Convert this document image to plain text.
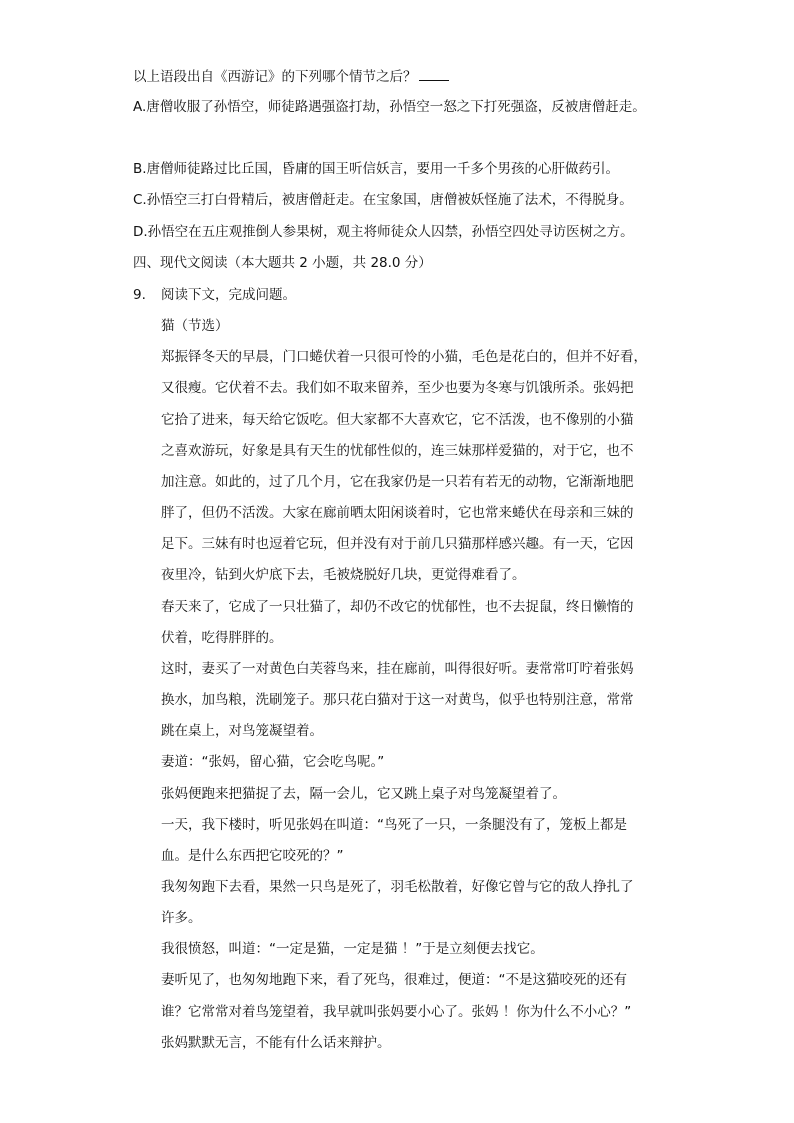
以上语段出自《西游记》的下列哪个情节之后？
A.唐僧收服了孙悟空，师徒路遇强盗打劫，孙悟空一怒之下打死强盗，反被唐僧赶走。
B.唐僧师徒路过比丘国，昏庸的国王听信妖言，要用一千多个男孩的心肝做药引。
C.孙悟空三打白骨精后，被唐僧赶走。在宝象国，唐僧被妖怪施了法术，不得脱身。
D.孙悟空在五庄观推倒人参果树，观主将师徒众人囚禁，孙悟空四处寻访医树之方。
四、现代文阅读（本大题共 2 小题，共 28.0 分）
9. 阅读下文，完成问题。
猫（节选）
郑振铎冬天的早晨，门口蜷伏着一只很可怜的小猫，毛色是花白的，但并不好看，
又很瘦。它伏着不去。我们如不取来留养，至少也要为冬寒与饥饿所杀。张妈把
它拾了进来，每天给它饭吃。但大家都不大喜欢它，它不活泼，也不像别的小猫
之喜欢游玩，好象是具有天生的忧郁性似的，连三妹那样爱猫的，对于它，也不
加注意。如此的，过了几个月，它在我家仍是一只若有若无的动物，它渐渐地肥
胖了，但仍不活泼。大家在廊前晒太阳闲谈着时，它也常来蜷伏在母亲和三妹的
足下。三妹有时也逗着它玩，但并没有对于前几只猫那样感兴趣。有一天，它因
夜里冷，钻到火炉底下去，毛被烧脱好几块，更觉得难看了。
春天来了，它成了一只壮猫了，却仍不改它的忧郁性，也不去捉鼠，终日懒惰的
伏着，吃得胖胖的。
这时，妻买了一对黄色白芙蓉鸟来，挂在廊前，叫得很好听。妻常常叮咛着张妈
换水，加鸟粮，洗刷笼子。那只花白猫对于这一对黄鸟，似乎也特别注意，常常
跳在桌上，对鸟笼凝望着。
妻道：“张妈，留心猫，它会吃鸟呢。”
张妈便跑来把猫捉了去，隔一会儿，它又跳上桌子对鸟笼凝望着了。
一天，我下楼时，听见张妈在叫道：“鸟死了一只，一条腿没有了，笼板上都是
血。是什么东西把它咬死的？”
我匆匆跑下去看，果然一只鸟是死了，羽毛松散着，好像它曾与它的敌人挣扎了
许多。
我很愤怒，叫道：“一定是猫，一定是猫 ！”于是立刻便去找它。
妻听见了，也匆匆地跑下来，看了死鸟，很难过，便道：“不是这猫咬死的还有
谁？它常常对着鸟笼望着，我早就叫张妈要小心了。张妈 ！你为什么不小心？”
张妈默默无言，不能有什么话来辩护。
